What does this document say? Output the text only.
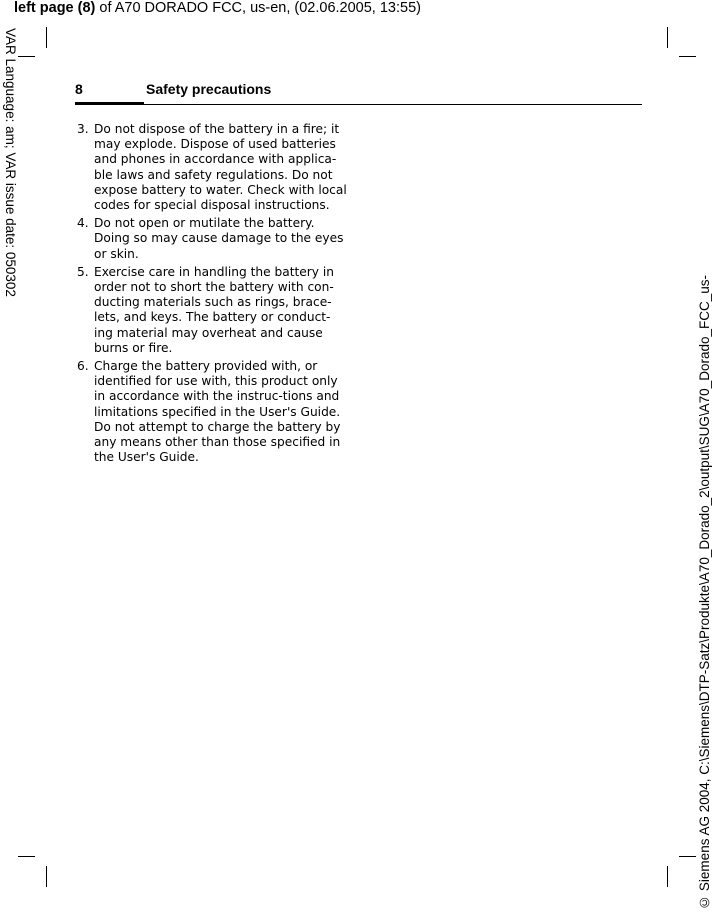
left page (8) of A70 DORADO FCC, us-en, (02.06.2005, 13:55)
VAR Language: am; VAR issue date: 050302
© Siemens AG 2004, C:\Siemens\DTP-Satz\Produkte\A70_Dorado_2\output\SUG\A70_Dorado_FCC_us-
8	Safety precautions
3. Do not dispose of the battery in a fire; it may explode. Dispose of used batteries and phones in accordance with applica-ble laws and safety regulations. Do not expose battery to water. Check with local codes for special disposal instructions.
4. Do not open or mutilate the battery. Doing so may cause damage to the eyes or skin.
5. Exercise care in handling the battery in order not to short the battery with con-ducting materials such as rings, brace-lets, and keys. The battery or conduct-ing material may overheat and cause burns or fire.
6. Charge the battery provided with, or identified for use with, this product only in accordance with the instruc-tions and limitations specified in the User's Guide. Do not attempt to charge the battery by any means other than those specified in the User's Guide.
